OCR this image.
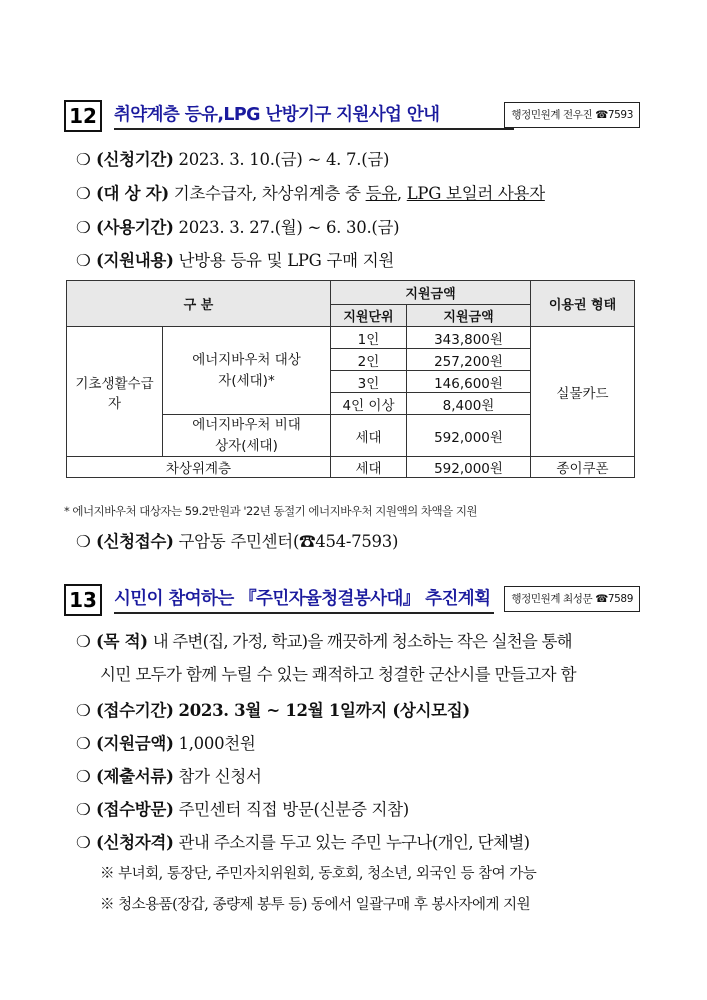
12 취약계층 등유,LPG 난방기구 지원사업 안내	행정민원계 전우진 ☎7593
❍ (신청기간) 2023. 3. 10.(금) ~ 4. 7.(금)
❍ (대 상 자) 기초수급자, 차상위계층 중 등유, LPG 보일러 사용자
❍ (사용기간) 2023. 3. 27.(월) ~ 6. 30.(금)
❍ (지원내용) 난방용 등유 및 LPG 구매 지원
구 분		지원금액		이용권 형태
		지원단위	지원금액	
기초생활수급자	에너지바우처 대상자(세대)*	1인	343,800원	실물카드
		2인	257,200원	
		3인	146,600원	
		4인 이상	8,400원	
	에너지바우처 비대상자(세대)	세대	592,000원	

차상위계층		세대	592,000원	종이쿠폰
* 에너지바우처 대상자는 59.2만원과 '22년 동절기 에너지바우처 지원액의 차액을 지원
❍ (신청접수) 구암동 주민센터(☎454-7593)
13 시민이 참여하는 『주민자율청결봉사대』 추진계획	행정민원계 최성문 ☎7589
❍ (목 적) 내 주변(집, 가정, 학교)을 깨끗하게 청소하는 작은 실천을 통해
시민 모두가 함께 누릴 수 있는 쾌적하고 청결한 군산시를 만들고자 함
❍ (접수기간) 2023. 3월 ~ 12월 1일까지 (상시모집)
❍ (지원금액) 1,000천원
❍ (제출서류) 참가 신청서
❍ (접수방문) 주민센터 직접 방문(신분증 지참)
❍ (신청자격) 관내 주소지를 두고 있는 주민 누구나(개인, 단체별)
※ 부녀회, 통장단, 주민자치위원회, 동호회, 청소년, 외국인 등 참여 가능
※ 청소용품(장갑, 종량제 봉투 등) 동에서 일괄구매 후 봉사자에게 지원
